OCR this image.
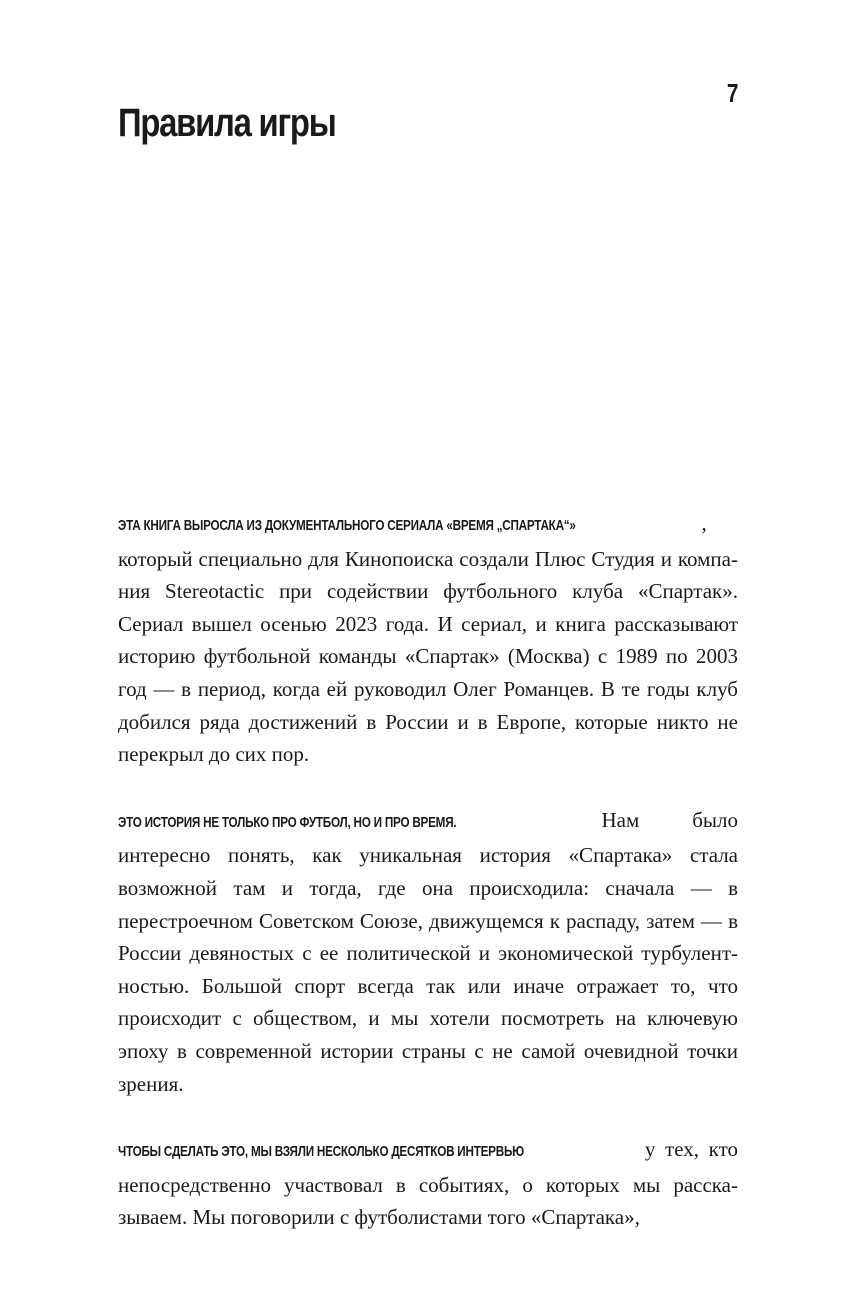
Правила игры
7

ЭТА КНИГА ВЫРОСЛА ИЗ ДОКУМЕНТАЛЬНОГО СЕРИАЛА «ВРЕМЯ „СПАРТАКА“»	, который специально для Кинопоиска создали Плюс Студия и компания Stereotactic при содействии футбольного клуба «Спартак». Сериал вышел осенью 2023 года. И сериал, и книга рассказывают историю футбольной команды «Спартак» (Москва) с 1989 по 2003 год — в период, когда ей руководил Олег Романцев. В те годы клуб добился ряда достижений в России и в Европе, которые никто не перекрыл до сих пор.

ЭТО ИСТОРИЯ НЕ ТОЛЬКО ПРО ФУТБОЛ, НО И ПРО ВРЕМЯ.	Нам было интересно понять, как уникальная история «Спартака» стала возможной там и тогда, где она происходила: сначала — в перестроечном Советском Союзе, движущемся к распаду, затем — в России девяностых с ее политической и экономической турбулентностью. Большой спорт всегда так или иначе отражает то, что происходит с обществом, и мы хотели посмотреть на ключевую эпоху в современной истории страны с не самой очевидной точки зрения.

ЧТОБЫ СДЕЛАТЬ ЭТО, МЫ ВЗЯЛИ НЕСКОЛЬКО ДЕСЯТКОВ ИНТЕРВЬЮ	у тех, кто непосредственно участвовал в событиях, о которых мы рассказываем. Мы поговорили с футболистами того «Спартака»,
